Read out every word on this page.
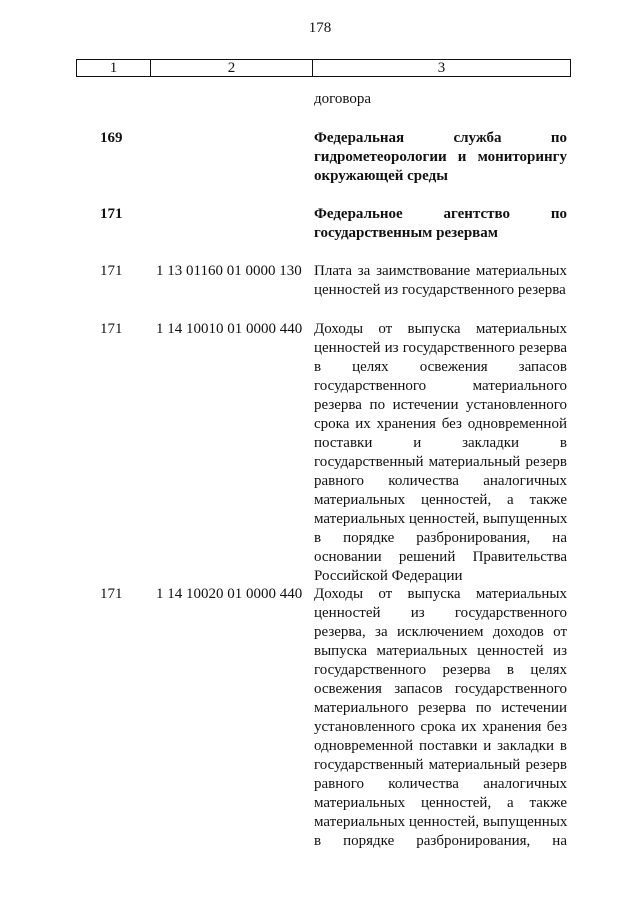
178
1	2	3
договора
169	Федеральная служба по
гидрометеорологии и мониторингу
окружающей среды
171	Федеральное агентство по
государственным резервам
171 1 13 01160 01 0000 130 Плата за заимствование материальных
ценностей из государственного резерва
171 1 14 10010 01 0000 440 Доходы от выпуска материальных
ценностей из государственного резерва
в целях освежения запасов
государственного материального
резерва по истечении установленного
срока их хранения без одновременной
поставки и закладки в
государственный материальный резерв
равного количества аналогичных
материальных ценностей, а также
материальных ценностей, выпущенных
в порядке разбронирования, на
основании решений Правительства
Российской Федерации
171 1 14 10020 01 0000 440 Доходы от выпуска материальных
ценностей из государственного
резерва, за исключением доходов от
выпуска материальных ценностей из
государственного резерва в целях
освежения запасов государственного
материального резерва по истечении
установленного срока их хранения без
одновременной поставки и закладки в
государственный материальный резерв
равного количества аналогичных
материальных ценностей, а также
материальных ценностей, выпущенных
в порядке разбронирования, на
